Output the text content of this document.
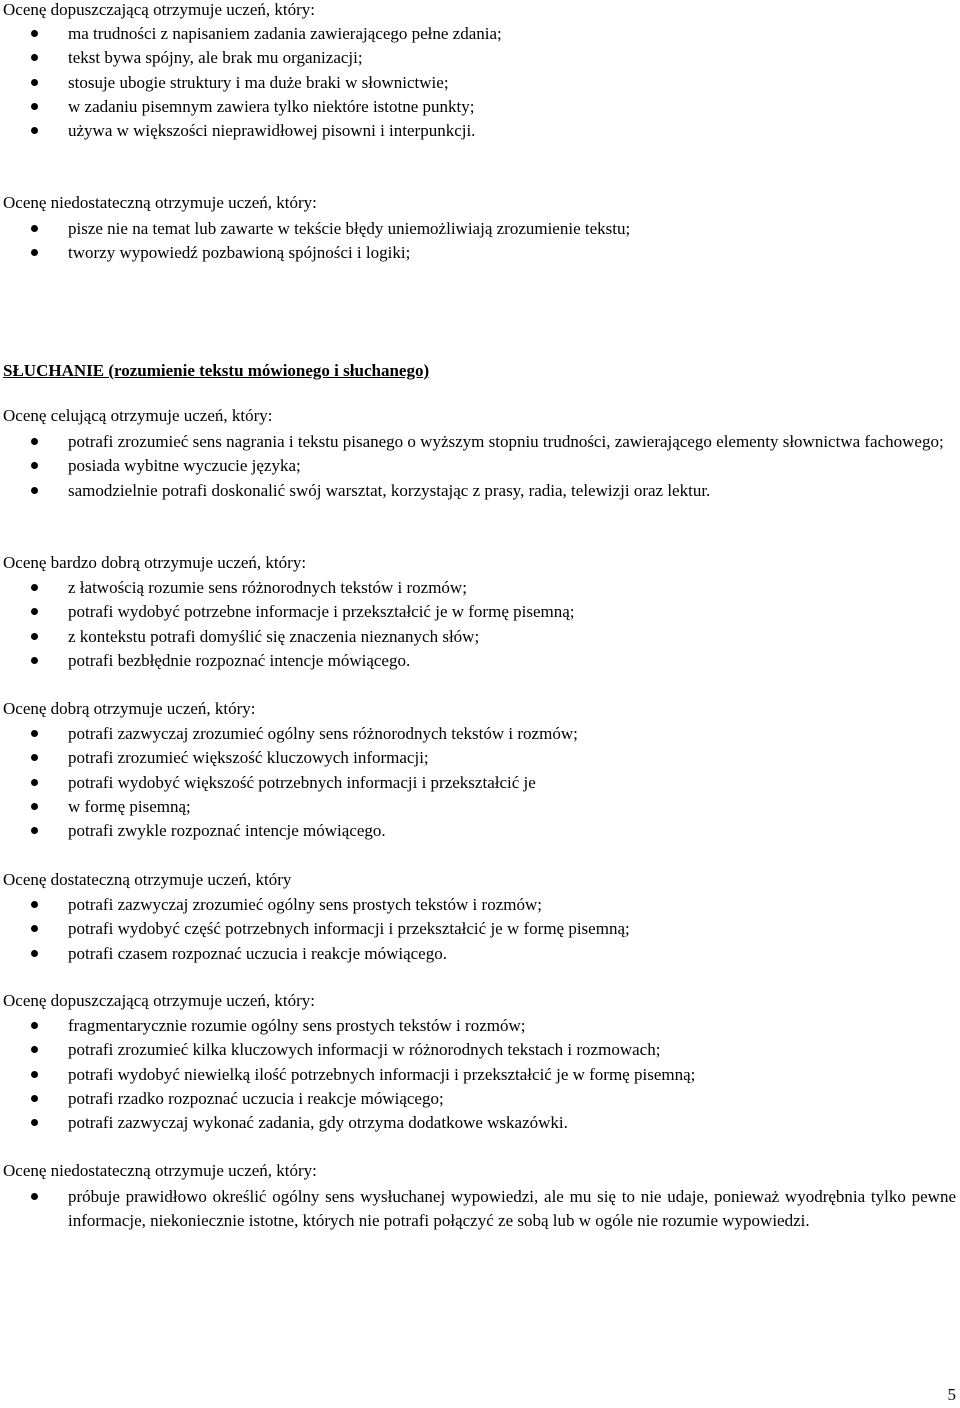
Ocenę dopuszczającą otrzymuje uczeń, który:
ma trudności z napisaniem zadania zawierającego pełne zdania;
tekst bywa spójny, ale brak mu organizacji;
stosuje ubogie struktury i ma duże braki w słownictwie;
w zadaniu pisemnym zawiera tylko niektóre istotne punkty;
używa w większości nieprawidłowej pisowni i interpunkcji.
Ocenę niedostateczną otrzymuje uczeń, który:
pisze nie na temat lub zawarte w tekście błędy uniemożliwiają zrozumienie tekstu;
tworzy wypowiedź pozbawioną spójności i logiki;
SŁUCHANIE (rozumienie tekstu mówionego i słuchanego)
Ocenę celującą otrzymuje uczeń, który:
potrafi zrozumieć sens nagrania i tekstu pisanego o wyższym stopniu trudności, zawierającego elementy słownictwa fachowego;
posiada wybitne wyczucie języka;
samodzielnie potrafi doskonalić swój warsztat, korzystając z prasy, radia, telewizji oraz lektur.
Ocenę bardzo dobrą otrzymuje uczeń, który:
z łatwością rozumie sens różnorodnych tekstów i rozmów;
potrafi wydobyć potrzebne informacje i przekształcić je w formę pisemną;
z kontekstu potrafi domyślić się znaczenia nieznanych słów;
potrafi bezbłędnie rozpoznać intencje mówiącego.
Ocenę dobrą otrzymuje uczeń, który:
potrafi zazwyczaj zrozumieć ogólny sens różnorodnych tekstów i rozmów;
potrafi zrozumieć większość kluczowych informacji;
potrafi wydobyć większość potrzebnych informacji i przekształcić je
w formę pisemną;
potrafi zwykle rozpoznać intencje mówiącego.
Ocenę dostateczną otrzymuje uczeń, który
potrafi zazwyczaj zrozumieć ogólny sens prostych tekstów i rozmów;
potrafi wydobyć część potrzebnych informacji i przekształcić je w formę pisemną;
potrafi czasem rozpoznać uczucia i reakcje mówiącego.
Ocenę dopuszczającą otrzymuje uczeń, który:
fragmentarycznie rozumie ogólny sens prostych tekstów i rozmów;
potrafi zrozumieć kilka kluczowych informacji w różnorodnych tekstach i rozmowach;
potrafi wydobyć niewielką ilość potrzebnych informacji i przekształcić je w formę pisemną;
potrafi rzadko rozpoznać uczucia i reakcje mówiącego;
potrafi zazwyczaj wykonać zadania, gdy otrzyma dodatkowe wskazówki.
Ocenę niedostateczną otrzymuje uczeń, który:
próbuje prawidłowo określić ogólny sens wysłuchanej wypowiedzi, ale mu się to nie udaje, ponieważ wyodrębnia tylko pewne informacje, niekoniecznie istotne, których nie potrafi połączyć ze sobą lub w ogóle nie rozumie wypowiedzi.
5
